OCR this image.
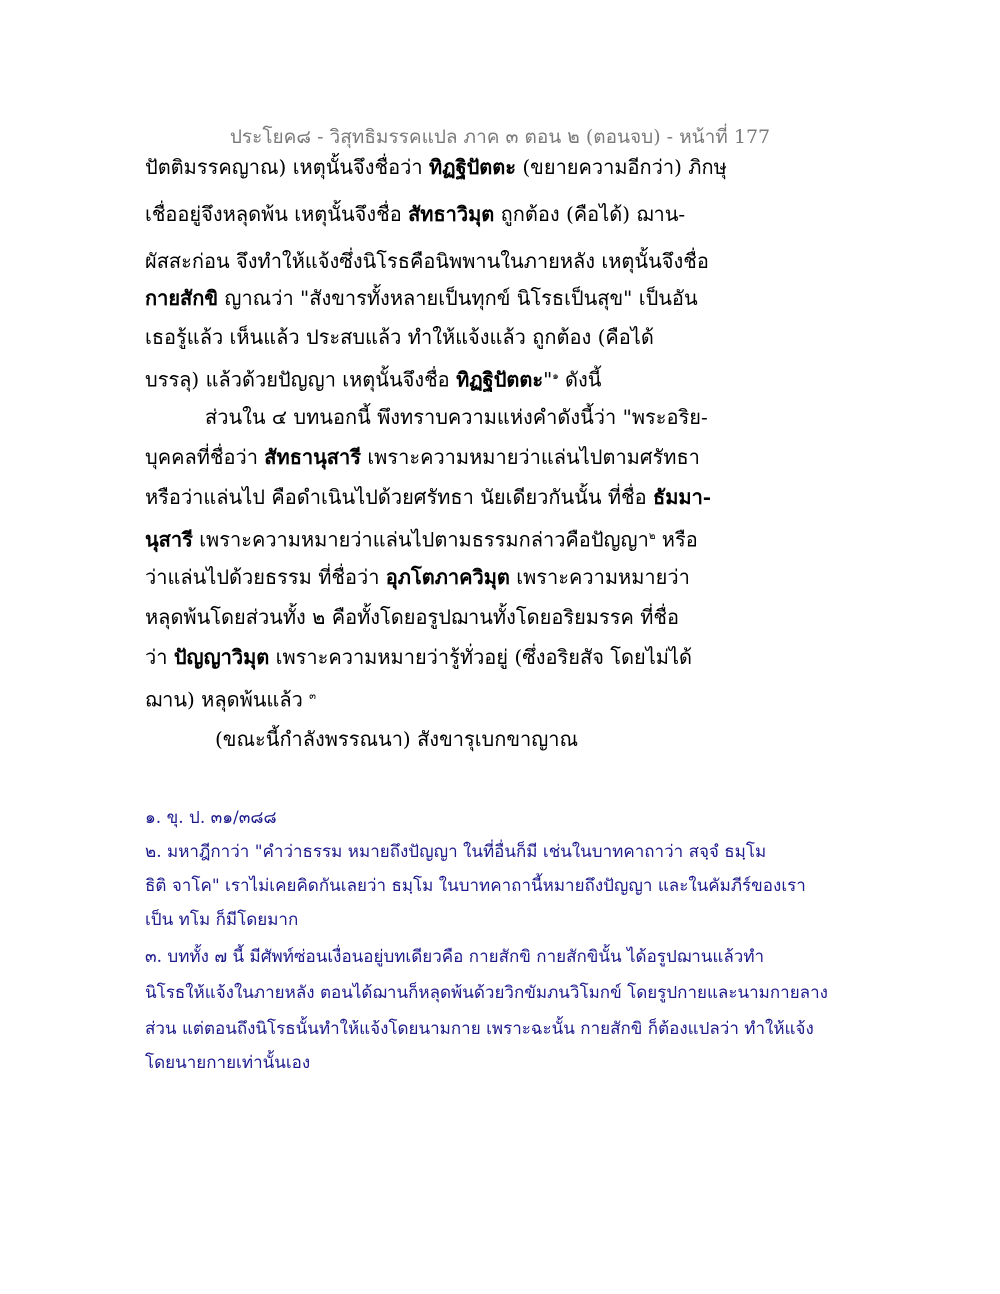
ประโยค๘ - วิสุทธิมรรคแปล ภาค ๓ ตอน ๒ (ตอนจบ) - หน้าที่ 177
ปัตติมรรคญาณ) เหตุนั้นจึงชื่อว่า ทิฏฐิปัตตะ (ขยายความอีกว่า) ภิกษุ
เชื่ออยู่จึงหลุดพ้น เหตุนั้นจึงชื่อ สัทธาวิมุต ถูกต้อง (คือได้) ฌาน-
ผัสสะก่อน จึงทำให้แจ้งซึ่งนิโรธคือนิพพานในภายหลัง เหตุนั้นจึงชื่อ
กายสักขิ ญาณว่า "สังขารทั้งหลายเป็นทุกข์ นิโรธเป็นสุข" เป็นอัน
เธอรู้แล้ว เห็นแล้ว ประสบแล้ว ทำให้แจ้งแล้ว ถูกต้อง (คือได้
บรรลุ) แล้วด้วยปัญญา เหตุนั้นจึงชื่อ ทิฏฐิปัตตะ"$^๑$ ดังนี้
ส่วนใน ๔ บทนอกนี้ พึงทราบความแห่งคำดังนี้ว่า "พระอริย-
บุคคลที่ชื่อว่า สัทธานุสารี เพราะความหมายว่าแล่นไปตามศรัทธา
หรือว่าแล่นไป คือดำเนินไปด้วยศรัทธา นัยเดียวกันนั้น ที่ชื่อ ธัมมา-
นุสารี เพราะความหมายว่าแล่นไปตามธรรมกล่าวคือปัญญา$^๒$ หรือ
ว่าแล่นไปด้วยธรรม ที่ชื่อว่า อุภโตภาควิมุต เพราะความหมายว่า
หลุดพ้นโดยส่วนทั้ง ๒ คือทั้งโดยอรูปฌานทั้งโดยอริยมรรค ที่ชื่อ
ว่า ปัญญาวิมุต เพราะความหมายว่ารู้ทั่วอยู่ (ซึ่งอริยสัจ โดยไม่ได้
ฌาน) หลุดพ้นแล้ว $^๓$
(ขณะนี้กำลังพรรณนา) สังขารุเบกขาญาณ
๑. ขุ. ป. ๓๑/๓๘๘
๒. มหาฎีกาว่า "คำว่าธรรม หมายถึงปัญญา ในที่อื่นก็มี เช่นในบาทคาถาว่า สจฺจํ ธมฺโม
ธิติ จาโค" เราไม่เคยคิดกันเลยว่า ธมฺโม ในบาทคาถานี้หมายถึงปัญญา และในคัมภีร์ของเรา
เป็น ทโม ก็มีโดยมาก
๓. บททั้ง ๗ นี้ มีศัพท์ซ่อนเงื่อนอยู่บทเดียวคือ กายสักขิ กายสักขินั้น ได้อรูปฌานแล้วทำ
นิโรธให้แจ้งในภายหลัง ตอนได้ฌานก็หลุดพ้นด้วยวิกขัมภนวิโมกข์ โดยรูปกายและนามกายลาง
ส่วน แต่ตอนถึงนิโรธนั้นทำให้แจ้งโดยนามกาย เพราะฉะนั้น กายสักขิ ก็ต้องแปลว่า ทำให้แจ้ง
โดยนายกายเท่านั้นเอง
